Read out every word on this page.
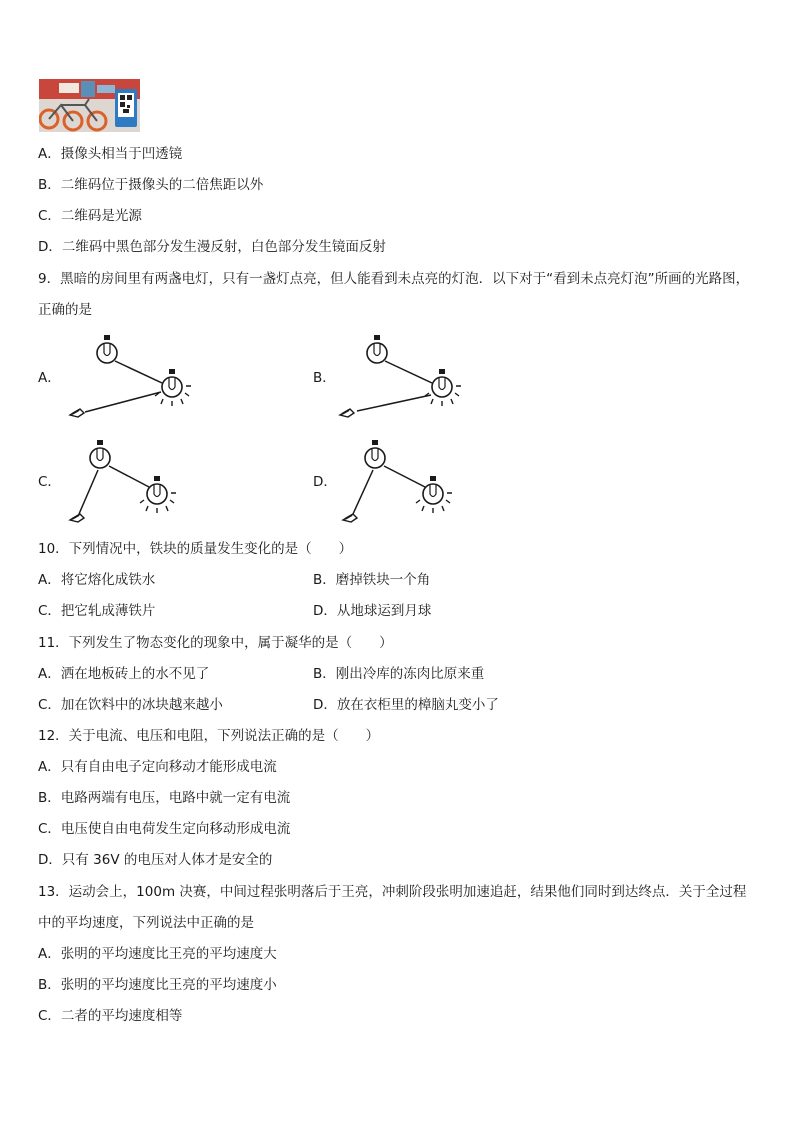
A．摄像头相当于凹透镜
B．二维码位于摄像头的二倍焦距以外
C．二维码是光源
D．二维码中黑色部分发生漫反射，白色部分发生镜面反射
9．黑暗的房间里有两盏电灯，只有一盏灯点亮，但人能看到未点亮的灯泡．以下对于“看到未点亮灯泡”所画的光路图，
正确的是
A．	B．
C．	D．
10．下列情况中，铁块的质量发生变化的是（　　）
A．将它熔化成铁水	B．磨掉铁块一个角
C．把它轧成薄铁片	D．从地球运到月球
11．下列发生了物态变化的现象中，属于凝华的是（　　）
A．洒在地板砖上的水不见了	B．刚出冷库的冻肉比原来重
C．加在饮料中的冰块越来越小	D．放在衣柜里的樟脑丸变小了
12．关于电流、电压和电阻，下列说法正确的是（　　）
A．只有自由电子定向移动才能形成电流
B．电路两端有电压，电路中就一定有电流
C．电压使自由电荷发生定向移动形成电流
D．只有 36V 的电压对人体才是安全的
13．运动会上，100m 决赛，中间过程张明落后于王亮，冲刺阶段张明加速追赶，结果他们同时到达终点．关于全过程
中的平均速度，下列说法中正确的是
A．张明的平均速度比王亮的平均速度大
B．张明的平均速度比王亮的平均速度小
C．二者的平均速度相等
